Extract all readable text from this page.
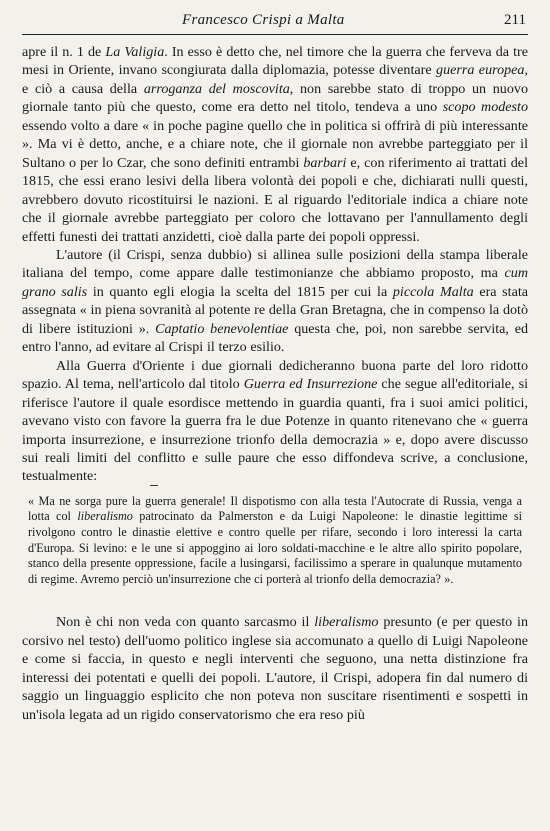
Francesco Crispi a Malta	211

apre il n. 1 de La Valigia. In esso è detto che, nel timore che la guerra che ferveva da tre mesi in Oriente, invano scongiurata dalla diplomazia, potesse diventare guerra europea, e ciò a causa della arroganza del moscovita, non sarebbe stato di troppo un nuovo giornale tanto più che questo, come era detto nel titolo, tendeva a uno scopo modesto essendo volto a dare « in poche pagine quello che in politica si offrirà di più interessante ». Ma vi è detto, anche, e a chiare note, che il giornale non avrebbe parteggiato per il Sultano o per lo Czar, che sono definiti entrambi barbari e, con riferimento ai trattati del 1815, che essi erano lesivi della libera volontà dei popoli e che, dichiarati nulli questi, avrebbero dovuto ricostituirsi le nazioni. E al riguardo l'editoriale indica a chiare note che il giornale avrebbe parteggiato per coloro che lottavano per l'annullamento degli effetti funesti dei trattati anzidetti, cioè dalla parte dei popoli oppressi.

L'autore (il Crispi, senza dubbio) si allinea sulle posizioni della stampa liberale italiana del tempo, come appare dalle testimonianze che abbiamo proposto, ma cum grano salis in quanto egli elogia la scelta del 1815 per cui la piccola Malta era stata assegnata « in piena sovranità al potente re della Gran Bretagna, che in compenso la dotò di libere istituzioni ». Captatio benevolentiae questa che, poi, non sarebbe servita, ed entro l'anno, ad evitare al Crispi il terzo esilio.

Alla Guerra d'Oriente i due giornali dedicheranno buona parte del loro ridotto spazio. Al tema, nell'articolo dal titolo Guerra ed Insurrezione che segue all'editoriale, si riferisce l'autore il quale esordisce mettendo in guardia quanti, fra i suoi amici politici, avevano visto con favore la guerra fra le due Potenze in quanto ritenevano che « guerra importa insurrezione, e insurrezione trionfo della democrazia » e, dopo avere discusso sui reali limiti del conflitto e sulle paure che esso diffondeva scrive, a conclusione, testualmente:

« Ma ne sorga pure la guerra generale! Il dispotismo con alla testa l'Autocrate di Russia, venga a lotta col liberalismo patrocinato da Palmerston e da Luigi Napoleone: le dinastie legittime si rivolgono contro le dinastie elettive e contro quelle per rifare, secondo i loro interessi la carta d'Europa. Si levino: e le une si appoggino ai loro soldati-macchine e le altre allo spirito popolare, stanco della presente oppressione, facile a lusingarsi, facilissimo a sperare in qualunque mutamento di regime. Avremo perciò un'insurrezione che ci porterà al trionfo della democrazia? ».

Non è chi non veda con quanto sarcasmo il liberalismo presunto (e per questo in corsivo nel testo) dell'uomo politico inglese sia accomunato a quello di Luigi Napoleone e come si faccia, in questo e negli interventi che seguono, una netta distinzione fra interessi dei potentati e quelli dei popoli. L'autore, il Crispi, adopera fin dal numero di saggio un linguaggio esplicito che non poteva non suscitare risentimenti e sospetti in un'isola legata ad un rigido conservatorismo che era reso più
